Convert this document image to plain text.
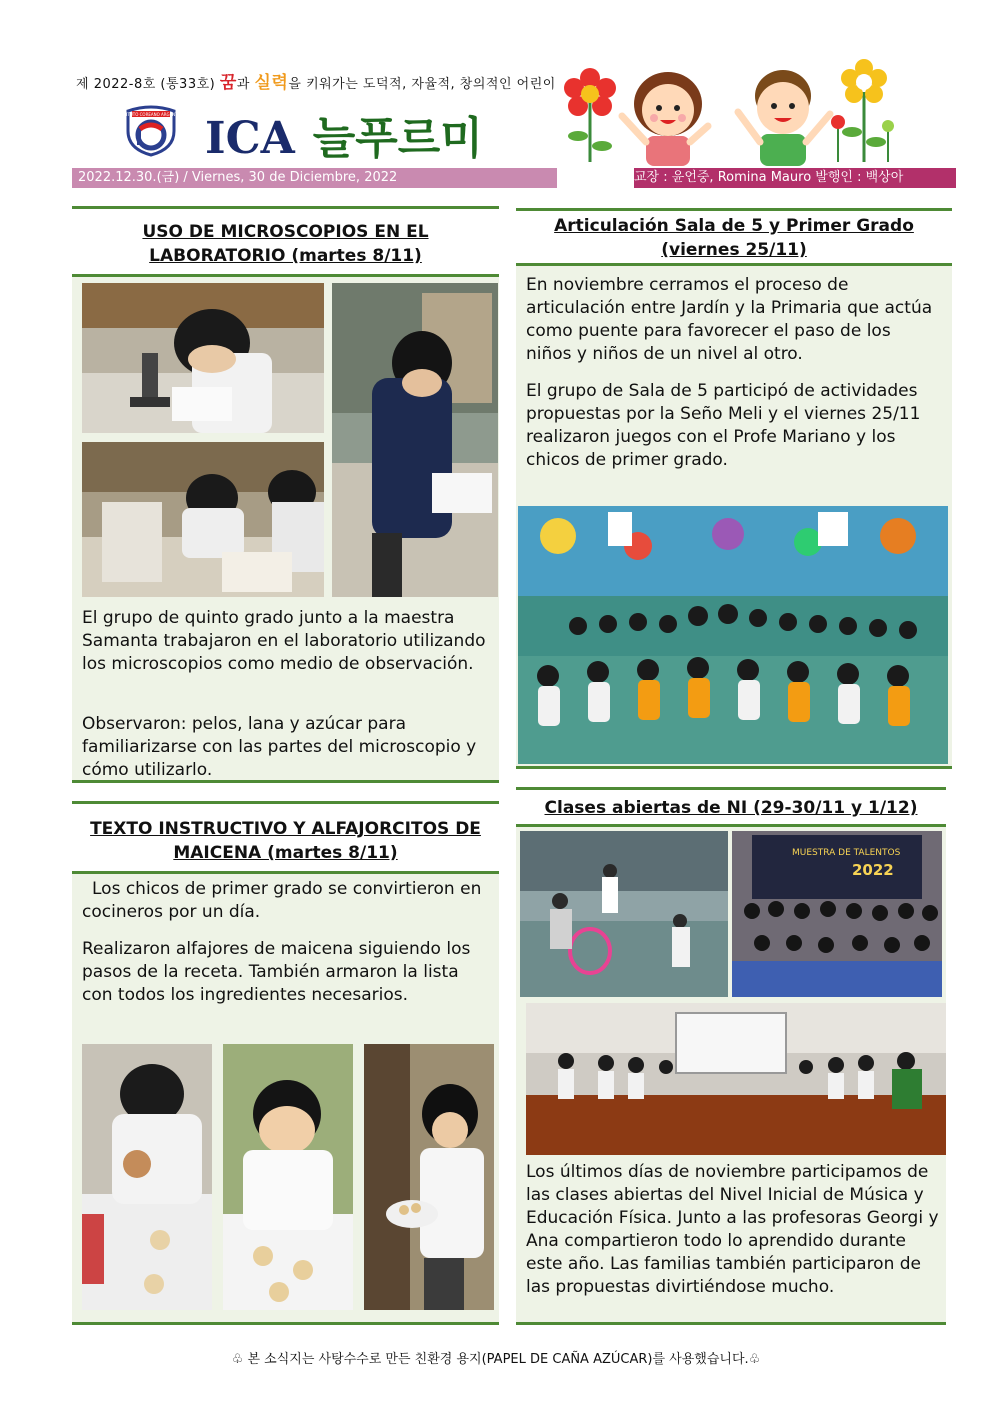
제 2022-8호 (통33호) 꿈과 실력을 키워가는 도덕적, 자율적, 창의적인 어린이
INSTITUTO COREANO ARGENTINO ICA 늘푸르미
2022.12.30.(금) / Viernes, 30 de Diciembre, 2022	교장 : 윤언중, Romina Mauro 발행인 : 백상아
USO DE MICROSCOPIOS EN EL
LABORATORIO (martes 8/11)

El grupo de quinto grado junto a la maestra Samanta trabajaron en el laboratorio utilizando los microscopios como medio de observación.

Observaron: pelos, lana y azúcar para familiarizarse con las partes del microscopio y cómo utilizarlo.

TEXTO INSTRUCTIVO Y ALFAJORCITOS DE
MAICENA (martes 8/11)

Los chicos de primer grado se convirtieron en cocineros por un día.

Realizaron alfajores de maicena siguiendo los pasos de la receta. También armaron la lista con todos los ingredientes necesarios.

Articulación Sala de 5 y Primer Grado
(viernes 25/11)

En noviembre cerramos el proceso de articulación entre Jardín y la Primaria que actúa como puente para favorecer el paso de los niños y niños de un nivel al otro.

El grupo de Sala de 5 participó de actividades propuestas por la Seño Meli y el viernes 25/11 realizaron juegos con el Profe Mariano y los chicos de primer grado.

Clases abiertas de NI (29-30/11 y 1/12)
MUESTRA DE TALENTOS
2022

Los últimos días de noviembre participamos de las clases abiertas del Nivel Inicial de Música y Educación Física. Junto a las profesoras Georgi y Ana compartieron todo lo aprendido durante este año. Las familias también participaron de las propuestas divirtiéndose mucho.

♧ 본 소식지는 사탕수수로 만든 친환경 용지(PAPEL DE CAÑA AZÚCAR)를 사용했습니다.♧
